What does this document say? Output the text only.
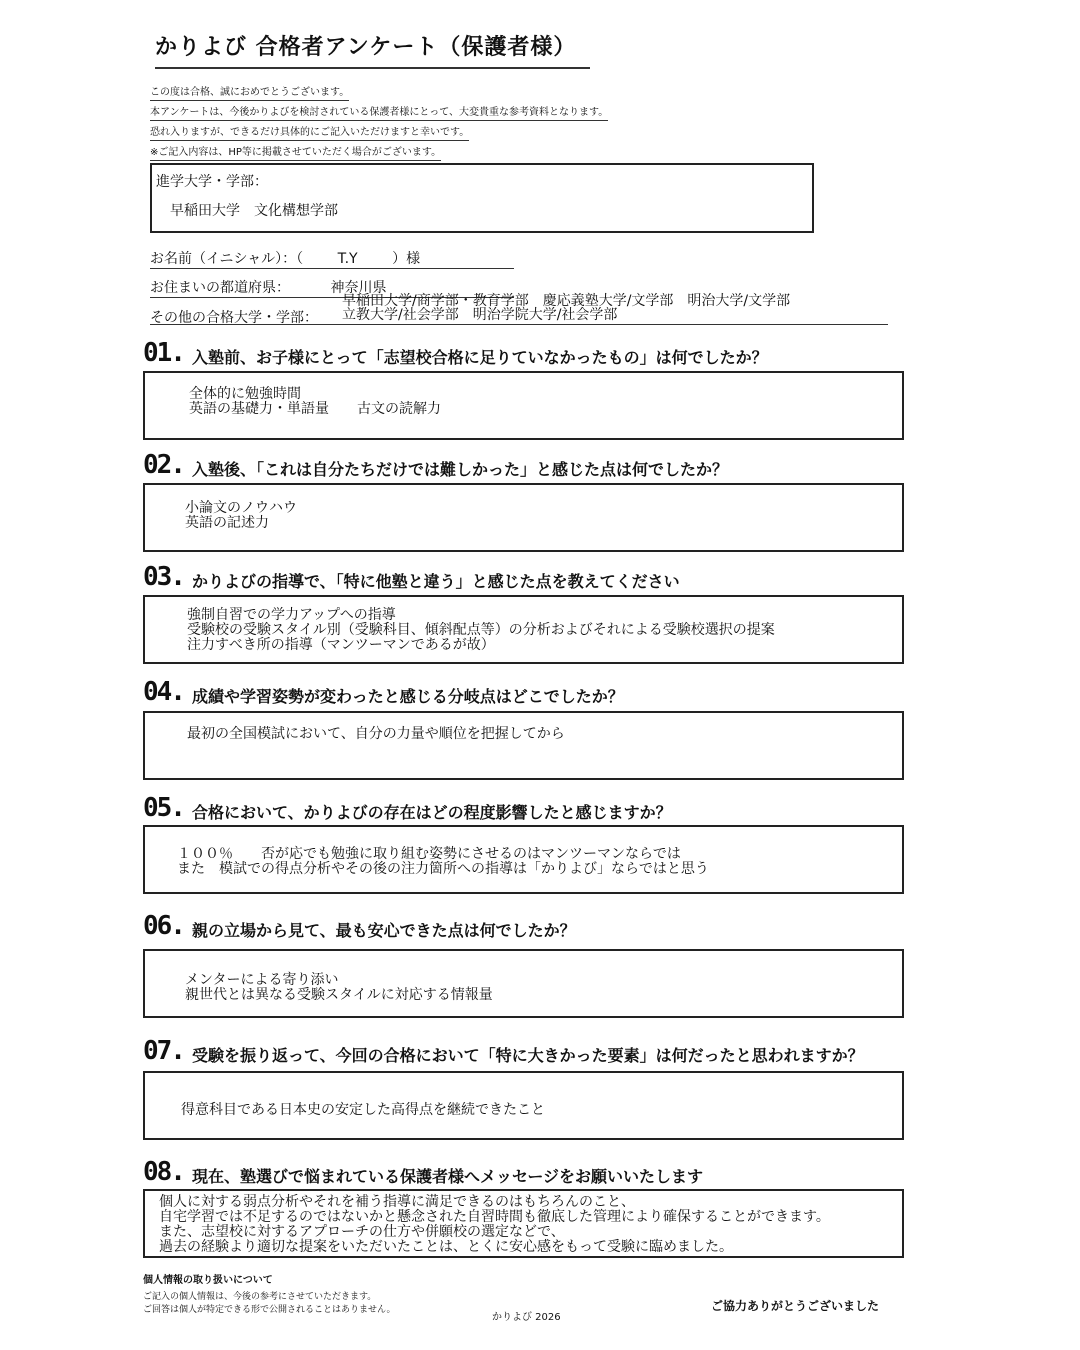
かりよび 合格者アンケート（保護者様）
この度は合格、誠におめでとうございます。
本アンケートは、今後かりよびを検討されている保護者様にとって、大変貴重な参考資料となります。
恐れ入りますが、できるだけ具体的にご記入いただけますと幸いです。
※ご記入内容は、HP等に掲載させていただく場合がございます。
進学大学・学部：
早稲田大学　文化構想学部
お名前（イニシャル）：（ T.Y ）様
お住まいの都道府県：	神奈川県
その他の合格大学・学部：
早稲田大学/商学部・教育学部　慶応義塾大学/文学部　明治大学/文学部
立教大学/社会学部　明治学院大学/社会学部
01. 入塾前、お子様にとって「志望校合格に足りていなかったもの」は何でしたか？
全体的に勉強時間
英語の基礎力・単語量　　古文の読解力
02. 入塾後、「これは自分たちだけでは難しかった」と感じた点は何でしたか？
小論文のノウハウ
英語の記述力
03. かりよびの指導で、「特に他塾と違う」と感じた点を教えてください
強制自習での学力アップへの指導
受験校の受験スタイル別（受験科目、傾斜配点等）の分析およびそれによる受験校選択の提案
注力すべき所の指導（マンツーマンであるが故）
04. 成績や学習姿勢が変わったと感じる分岐点はどこでしたか？
最初の全国模試において、自分の力量や順位を把握してから
05. 合格において、かりよびの存在はどの程度影響したと感じますか？
１００％　　否が応でも勉強に取り組む姿勢にさせるのはマンツーマンならでは
また　模試での得点分析やその後の注力箇所への指導は「かりよび」ならではと思う
06. 親の立場から見て、最も安心できた点は何でしたか？
メンターによる寄り添い
親世代とは異なる受験スタイルに対応する情報量
07. 受験を振り返って、今回の合格において「特に大きかった要素」は何だったと思われますか？
得意科目である日本史の安定した高得点を継続できたこと
08. 現在、塾選びで悩まれている保護者様へメッセージをお願いいたします
個人に対する弱点分析やそれを補う指導に満足できるのはもちろんのこと、
自宅学習では不足するのではないかと懸念された自習時間も徹底した管理により確保することができます。
また、志望校に対するアプローチの仕方や併願校の選定などで、
過去の経験より適切な提案をいただいたことは、とくに安心感をもって受験に臨めました。
個人情報の取り扱いについて
ご記入の個人情報は、今後の参考にさせていただきます。
ご回答は個人が特定できる形で公開されることはありません。
かりよび 2026
ご協力ありがとうございました
